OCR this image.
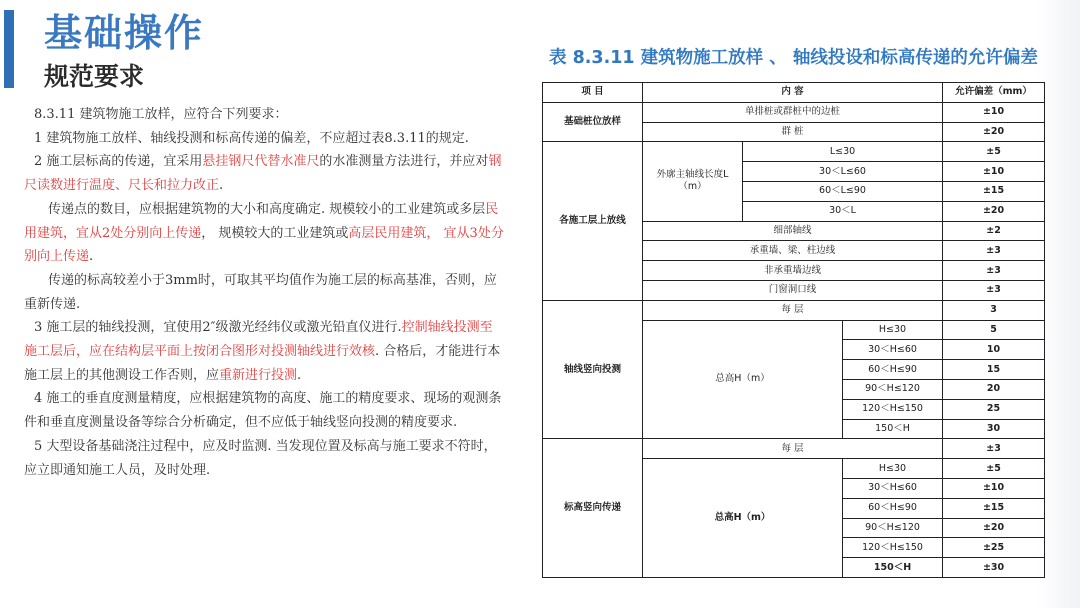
基础操作
规范要求

8.3.11 建筑物施工放样，应符合下列要求：

1 建筑物施工放样、轴线投测和标高传递的偏差，不应超过表8.3.11的规定.

2 施工层标高的传递，宜采用悬挂钢尺代替水准尺的水准测量方法进行，并应对钢尺读数进行温度、尺长和拉力改正.

传递点的数目，应根据建筑物的大小和高度确定. 规模较小的工业建筑或多层民用建筑，宜从2处分别向上传递， 规模较大的工业建筑或高层民用建筑， 宜从3处分别向上传递.

传递的标高较差小于3mm时，可取其平均值作为施工层的标高基准，否则，应重新传递.

3 施工层的轴线投测，宜使用2″级激光经纬仪或激光铅直仪进行.控制轴线投测至施工层后，应在结构层平面上按闭合图形对投测轴线进行效核. 合格后，才能进行本施工层上的其他测设工作否则，应重新进行投测.

4 施工的垂直度测量精度，应根据建筑物的高度、施工的精度要求、现场的观测条件和垂直度测量设备等综合分析确定，但不应低于轴线竖向投测的精度要求.

5 大型设备基础浇注过程中，应及时监测. 当发现位置及标高与施工要求不符时，应立即通知施工人员，及时处理.

表 8.3.11 建筑物施工放样 、 轴线投设和标高传递的允许偏差
项 目	内 容			允许偏差（mm）
基础桩位放样	单排桩或群桩中的边桩			±10
	群 桩			±20
各施工层上放线	外廓主轴线长度L（m）	L≤30		±5
		30＜L≤60		±10
		60＜L≤90		±15
		30＜L		±20
	细部轴线			±2
	承重墙、梁、柱边线			±3
	非承重墙边线			±3
	门窗洞口线			±3
轴线竖向投测	每 层			3
	总高H（m）		H≤30	5
			30＜H≤60	10
			60＜H≤90	15
			90＜H≤120	20
			120＜H≤150	25
			150＜H	30
标高竖向传递	每 层			±3
	总高H（m）		H≤30	±5
			30＜H≤60	±10
			60＜H≤90	±15
			90＜H≤120	±20
			120＜H≤150	±25
			150＜H	±30
